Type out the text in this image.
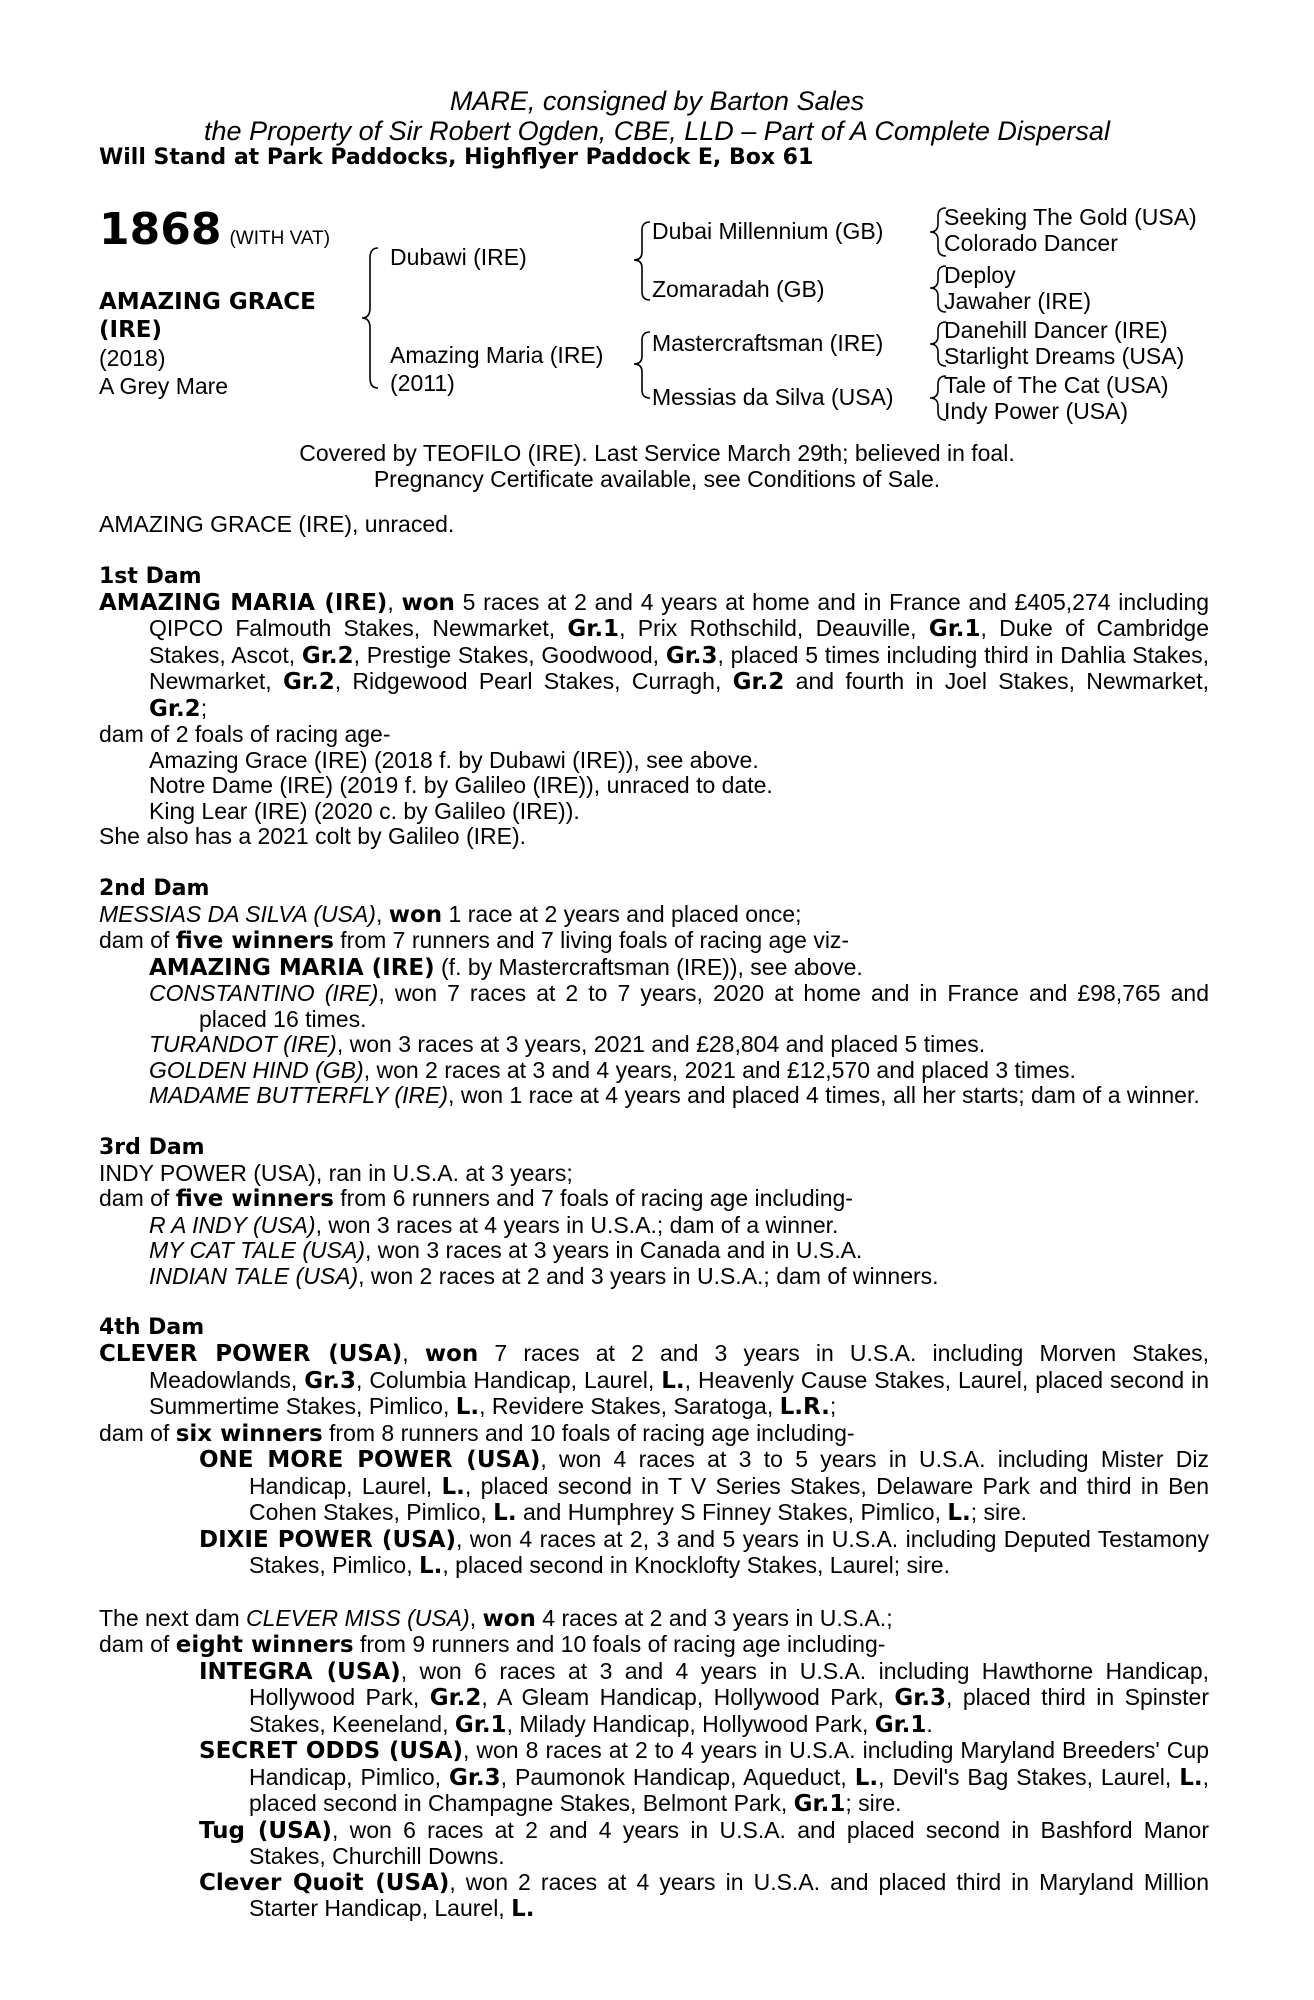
MARE, consigned by Barton Sales
the Property of Sir Robert Ogden, CBE, LLD – Part of A Complete Dispersal
Will Stand at Park Paddocks, Highflyer Paddock E, Box 61
1868 (WITH VAT)
AMAZING GRACE
(IRE)
(2018)
A Grey Mare
Dubawi (IRE)
Amazing Maria (IRE)
(2011)
Dubai Millennium (GB)
Zomaradah (GB)
Mastercraftsman (IRE)
Messias da Silva (USA)
Seeking The Gold (USA)
Colorado Dancer
Deploy
Jawaher (IRE)
Danehill Dancer (IRE)
Starlight Dreams (USA)
Tale of The Cat (USA)
Indy Power (USA)
Covered by TEOFILO (IRE). Last Service March 29th; believed in foal.
Pregnancy Certificate available, see Conditions of Sale.

AMAZING GRACE (IRE), unraced.

1st Dam

AMAZING MARIA (IRE), won 5 races at 2 and 4 years at home and in France and £405,274 including QIPCO Falmouth Stakes, Newmarket, Gr.1, Prix Rothschild, Deauville, Gr.1, Duke of Cambridge Stakes, Ascot, Gr.2, Prestige Stakes, Goodwood, Gr.3, placed 5 times including third in Dahlia Stakes, Newmarket, Gr.2, Ridgewood Pearl Stakes, Curragh, Gr.2 and fourth in Joel Stakes, Newmarket, Gr.2;

dam of 2 foals of racing age-

Amazing Grace (IRE) (2018 f. by Dubawi (IRE)), see above.

Notre Dame (IRE) (2019 f. by Galileo (IRE)), unraced to date.

King Lear (IRE) (2020 c. by Galileo (IRE)).

She also has a 2021 colt by Galileo (IRE).

2nd Dam

MESSIAS DA SILVA (USA), won 1 race at 2 years and placed once;

dam of five winners from 7 runners and 7 living foals of racing age viz-

AMAZING MARIA (IRE) (f. by Mastercraftsman (IRE)), see above.

CONSTANTINO (IRE), won 7 races at 2 to 7 years, 2020 at home and in France and £98,765 and placed 16 times.

TURANDOT (IRE), won 3 races at 3 years, 2021 and £28,804 and placed 5 times.

GOLDEN HIND (GB), won 2 races at 3 and 4 years, 2021 and £12,570 and placed 3 times.

MADAME BUTTERFLY (IRE), won 1 race at 4 years and placed 4 times, all her starts; dam of a winner.

3rd Dam

INDY POWER (USA), ran in U.S.A. at 3 years;

dam of five winners from 6 runners and 7 foals of racing age including-

R A INDY (USA), won 3 races at 4 years in U.S.A.; dam of a winner.

MY CAT TALE (USA), won 3 races at 3 years in Canada and in U.S.A.

INDIAN TALE (USA), won 2 races at 2 and 3 years in U.S.A.; dam of winners.

4th Dam

CLEVER POWER (USA), won 7 races at 2 and 3 years in U.S.A. including Morven Stakes, Meadowlands, Gr.3, Columbia Handicap, Laurel, L., Heavenly Cause Stakes, Laurel, placed second in Summertime Stakes, Pimlico, L., Revidere Stakes, Saratoga, L.R.;

dam of six winners from 8 runners and 10 foals of racing age including-

ONE MORE POWER (USA), won 4 races at 3 to 5 years in U.S.A. including Mister Diz Handicap, Laurel, L., placed second in T V Series Stakes, Delaware Park and third in Ben Cohen Stakes, Pimlico, L. and Humphrey S Finney Stakes, Pimlico, L.; sire.

DIXIE POWER (USA), won 4 races at 2, 3 and 5 years in U.S.A. including Deputed Testamony Stakes, Pimlico, L., placed second in Knocklofty Stakes, Laurel; sire.

The next dam CLEVER MISS (USA), won 4 races at 2 and 3 years in U.S.A.;

dam of eight winners from 9 runners and 10 foals of racing age including-

INTEGRA (USA), won 6 races at 3 and 4 years in U.S.A. including Hawthorne Handicap, Hollywood Park, Gr.2, A Gleam Handicap, Hollywood Park, Gr.3, placed third in Spinster Stakes, Keeneland, Gr.1, Milady Handicap, Hollywood Park, Gr.1.

SECRET ODDS (USA), won 8 races at 2 to 4 years in U.S.A. including Maryland Breeders' Cup Handicap, Pimlico, Gr.3, Paumonok Handicap, Aqueduct, L., Devil's Bag Stakes, Laurel, L., placed second in Champagne Stakes, Belmont Park, Gr.1; sire.

Tug (USA), won 6 races at 2 and 4 years in U.S.A. and placed second in Bashford Manor Stakes, Churchill Downs.

Clever Quoit (USA), won 2 races at 4 years in U.S.A. and placed third in Maryland Million Starter Handicap, Laurel, L.
